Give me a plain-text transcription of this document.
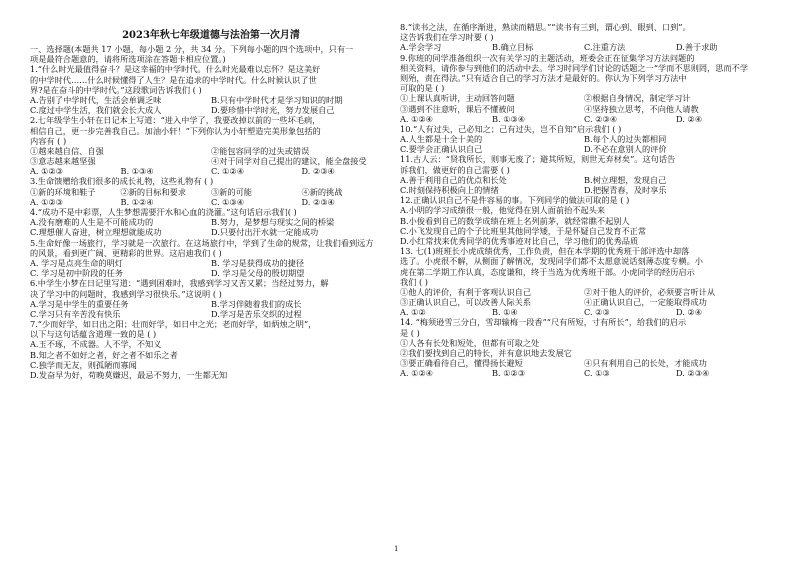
2023年秋七年级道德与法治第一次月清
一、选择题(本题共 17 小题，每小题 2 分，共 34 分。下列每小题的四个选项中，只有一
项是最符合题意的，请将所选项涂在答题卡相应位置。)
1.“什么时光最值得奋斗？是这幸福的中学时代。什么时光最难以忘怀？是这美好
的中学时代……什么时候懂得了人生？是在追求的中学时代。什么时候认识了世
界?是在奋斗的中学时代。”这段歌词告诉我们 ( )
A.告别了中学时代，生活会单调乏味	B.只有中学时代才是学习知识的时期
C.度过中学生活，我们就会长大成人	D.要珍惜中学时光，努力发展自己
2.七年级学生小轩在日记本上写道：“进入中学了，我要改掉以前的一些坏毛病，
相信自己，更一步完善我自己。加油小轩！”下列你认为小轩塑造完美形象包括的
内容有 ( )
①越来越自信、自强	②能包容同学的过失或错误
③意志越来越坚强	④对于同学对自己提出的建议，能全盘接受
A. ①②③	B. ①③④	C. ①②④	D. ②③④
3.生命馈赠给我们很多的成长礼物，这些礼物有 ( )
①新的环境和鞋子	②新的目标和要求	③新的可能	④新的挑战
A. ①②③	B. ①②④	C. ①③④	D. ②③④
4.“成功不是中彩票，人生梦想需要汗水和心血的浇灌。”这句话启示我们( )
A.没有磨难的人生是不可能成功的	B.努力，是梦想与现实之间的桥梁
C.理想催人奋进，树立理想就能成功	D.只要付出汗水就一定能成功
5.生命好像一场旅行，学习就是一次旅行。在这场旅行中，学到了生命的规常，让我们看到远方
的风景，看到更广阔、更精彩的世界。这启迪我们 ( )
A. 学习是点亮生命的明灯	B. 学习是获得成功的捷径
C. 学习是初中阶段的任务	D. 学习是父母的殷切期望
6.中学生小梦在日记里写道：“遇到困难时，我感到学习又苦又累；当经过努力，解
决了学习中的问题时，我感到学习很快乐。”这说明 ( )
A.学习是中学生的重要任务	B.学习伴随着我们的成长
C.学习只有辛苦没有快乐	D.学习是苦乐交织的过程
7.“少而好学，如日出之阳；壮而好学，如日中之光；老而好学，如炳烛之明”，
以下与这句话蕴含道理一致的是 ( )
A.玉不琢，不成器。人不学，不知义
B.知之者不如好之者，好之者不如乐之者
C.独学而无友，则孤陋而寡闻
D.发奋早为好，苟晚莫嫌迟，最忌不努力，一生都无知
8.“读书之法，在循序渐进，熟读而精思。”“读书有三到，谓心到、眼到、口到”。
这告诉我们在学习时要 ( )
A.学会学习	B.确立目标	C.注重方法	D.善于求助
9.你班的同学准备组织一次有关学习的主题活动，班委会正在征集学习方法问题的
相关资料，请你参与到他们的活动中去。学习时同学们讨论的话题之一“学而不思则罔，思而不学
则殆，责在得法。”只有适合自己的学习方法才是最好的。你认为下列学习方法中
可取的是 ( )
①上课认真听讲，主动回答问题	②根据自身情况，制定学习计
③遇到不注意听，课后不懂被问	④坚持独立思考，不向他人请教
A. ①②④	B. ①③④	C. ②③④	D. ②④
10.“人有过失，己必知之；己有过失，岂不自知”启示我们 ( )
A.人生都是十全十美的	B.每个人的过失都相同
C.要学会正确认识自己	D.不必在意别人的评价
11.古人云：“贤我所长，则事无废了；避其所短，则世无弃材矣”。这句话告
诉我们，做更好的自己需要 ( )
A.善于利用自己的优点和长处	B.树立理想，发现自己
C.时刻保持积极向上的情绪	D.把握青春，及时享乐
12.正确认识自己不是件容易的事。下列同学的做法可取的是 ( )
A.小明的学习成绩很一般，他觉得在别人面前抬不起头来
B.小俊看到自己的数学成绩在班上名列前茅，就经常瞧不起别人
C.小飞发现自己的个子比班里其他同学矮，于是怀疑自己发育不正常
D.小红常找来优秀同学的优秀事迹对比自己，学习他们的优秀品质
13. 七(1)班班长小虎成绩优秀，工作负责，但在本学期的优秀班干部评选中却落
选了。小虎很不解，从侧面了解情况，发现同学们都不太愿意说话刻薄态度专横。小
虎在第二学期工作认真，态度谦和，终于当选为优秀班干部。小虎同学的经历启示
我们 ( )
①他人的评价，有利于客观认识自己	②对于他人的评价，必须要言听计从
③正确认识自己，可以改善人际关系	④正确认识自己，一定能取得成功
A. ①②	B. ①④	C. ②③	D. ②④
14. “梅须逊雪三分白，雪却输梅一段香”“尺有所短，寸有所长”，给我们的启示
是 ( )
①人各有长处和短处，但都有可取之处
②我们要找到自己的特长，并有意识地去发展它
③要正确看待自己，懂得扬长避短	④只有利用自己的长处，才能成功
A. ①②④	B. ①②③	C. ①③	D. ②③④
1
